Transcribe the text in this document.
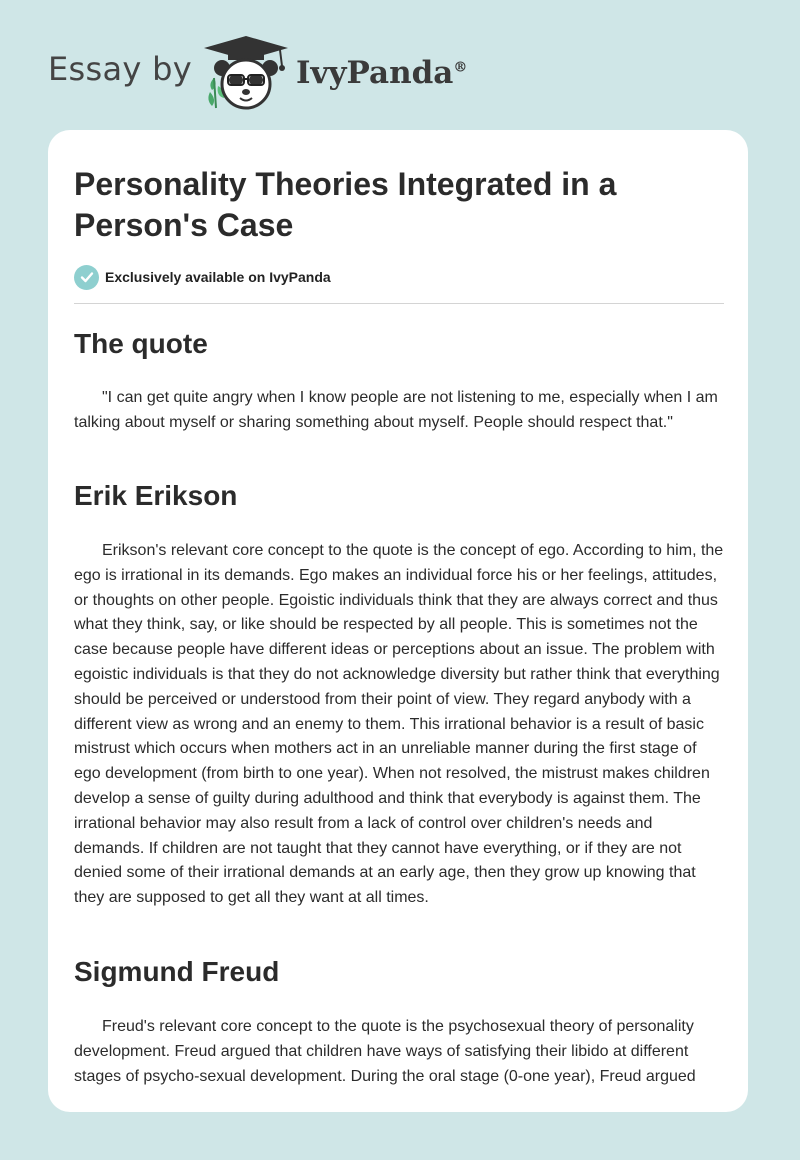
Essay by	IvyPanda®
Personality Theories Integrated in a Person's Case
Exclusively available on IvyPanda
The quote

"I can get quite angry when I know people are not listening to me, especially when I am talking about myself or sharing something about myself. People should respect that."

Erik Erikson

Erikson's relevant core concept to the quote is the concept of ego. According to him, the ego is irrational in its demands. Ego makes an individual force his or her feelings, attitudes, or thoughts on other people. Egoistic individuals think that they are always correct and thus what they think, say, or like should be respected by all people. This is sometimes not the case because people have different ideas or perceptions about an issue. The problem with egoistic individuals is that they do not acknowledge diversity but rather think that everything should be perceived or understood from their point of view. They regard anybody with a different view as wrong and an enemy to them. This irrational behavior is a result of basic mistrust which occurs when mothers act in an unreliable manner during the first stage of ego development (from birth to one year). When not resolved, the mistrust makes children develop a sense of guilty during adulthood and think that everybody is against them. The irrational behavior may also result from a lack of control over children's needs and demands. If children are not taught that they cannot have everything, or if they are not denied some of their irrational demands at an early age, then they grow up knowing that they are supposed to get all they want at all times.

Sigmund Freud

Freud's relevant core concept to the quote is the psychosexual theory of personality development. Freud argued that children have ways of satisfying their libido at different stages of psycho-sexual development. During the oral stage (0-one year), Freud argued
